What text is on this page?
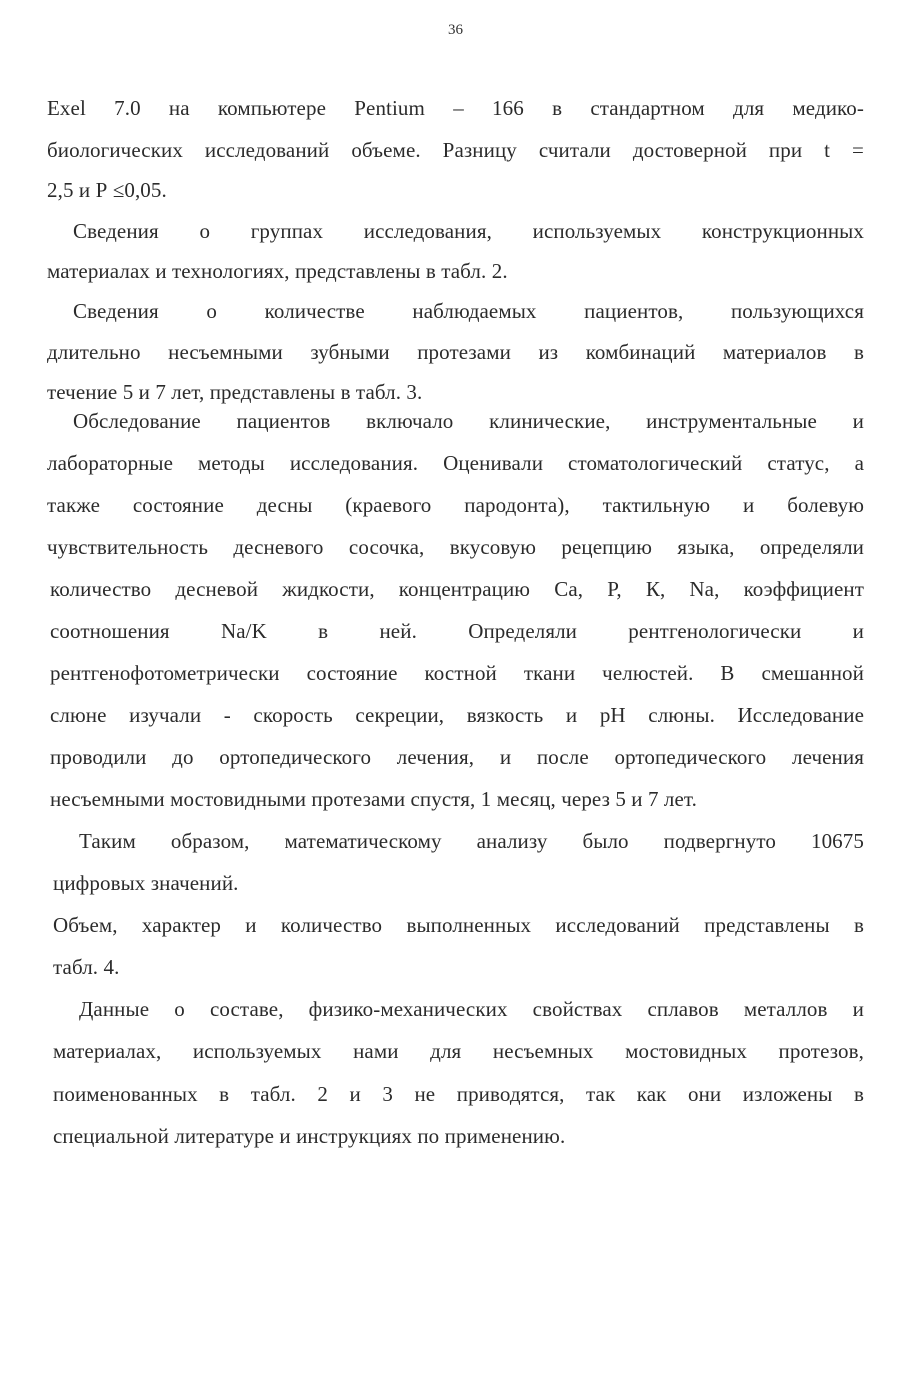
36
Exel 7.0 на компьютере Pentium – 166 в стандартном для медико-
биологических исследований объеме. Разницу считали достоверной при t =
2,5 и Р ≤0,05.
Сведения о группах исследования, используемых конструкционных
материалах и технологиях, представлены в табл. 2.
Сведения о количестве наблюдаемых пациентов, пользующихся
длительно несъемными зубными протезами из комбинаций материалов в
течение 5 и 7 лет, представлены в табл. 3.
Обследование пациентов включало клинические, инструментальные и
лабораторные методы исследования. Оценивали стоматологический статус, а
также состояние десны (краевого пародонта), тактильную и болевую
чувствительность десневого сосочка, вкусовую рецепцию языка, определяли
количество десневой жидкости, концентрацию Са, Р, К, Na, коэффициент
соотношения Na/K в ней. Определяли рентгенологически и
рентгенофотометрически состояние костной ткани челюстей. В смешанной
слюне изучали - скорость секреции, вязкость и рН слюны. Исследование
проводили до ортопедического лечения, и после ортопедического лечения
несъемными мостовидными протезами спустя, 1 месяц, через 5 и 7 лет.
Таким образом, математическому анализу было подвергнуто 10675
цифровых значений.
Объем, характер и количество выполненных исследований представлены в
табл. 4.
Данные о составе, физико-механических свойствах сплавов металлов и
материалах, используемых нами для несъемных мостовидных протезов,
поименованных в табл. 2 и 3 не приводятся, так как они изложены в
специальной литературе и инструкциях по применению.
